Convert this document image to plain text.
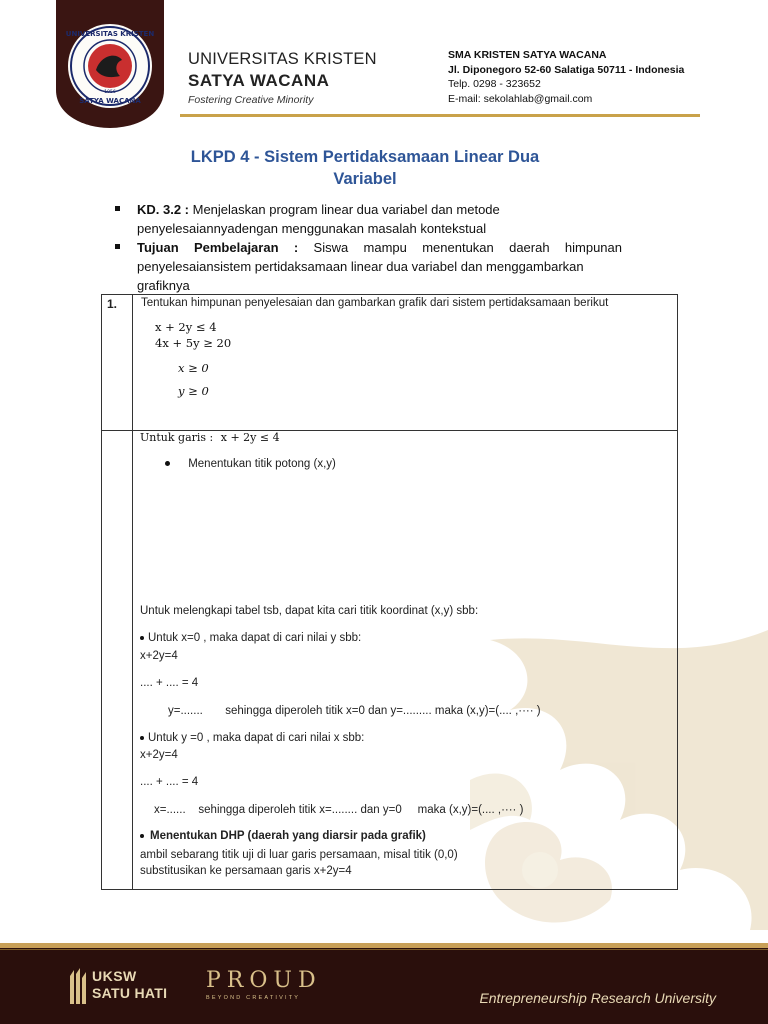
UNIVERSITAS KRISTEN
SATYA WACANA
1956
UNIVERSITAS KRISTEN
SATYA WACANA
Fostering Creative Minority
SMA KRISTEN SATYA WACANA
Jl. Diponegoro 52-60 Salatiga 50711 - Indonesia
Telp. 0298 - 323652
E-mail: sekolahlab@gmail.com
LKPD 4 - Sistem Pertidaksamaan Linear Dua
Variabel
KD. 3.2 : Menjelaskan program linear dua variabel dan metode
penyelesaiannyadengan menggunakan masalah kontekstual
Tujuan Pembelajaran : Siswa mampu menentukan daerah himpunan
penyelesaiansistem pertidaksamaan linear dua variabel dan menggambarkan
grafiknya
1. Tentukan himpunan penyelesaian dan gambarkan grafik dari sistem pertidaksamaan berikut
x + 2y ≤ 4
4x + 5y ≥ 20
x ≥ 0
y ≥ 0
Untuk garis : x + 2y ≤ 4
Menentukan titik potong (x,y)
Untuk melengkapi tabel tsb, dapat kita cari titik koordinat (x,y) sbb:
Untuk x=0 , maka dapat di cari nilai y sbb:
x+2y=4
.... + .... = 4
y=.......       sehingga diperoleh titik x=0 dan y=......... maka (x,y)=(.... ,···· )
Untuk y =0 , maka dapat di cari nilai x sbb:
x+2y=4
.... + .... = 4
x=......    sehingga diperoleh titik x=........ dan y=0     maka (x,y)=(.... ,···· )
Menentukan DHP (daerah yang diarsir pada grafik)
ambil sebarang titik uji di luar garis persamaan, misal titik (0,0)
substitusikan ke persamaan garis x+2y=4
UKSW
SATU HATI PROUD
BEYOND CREATIVITY	Entrepreneurship Research University
